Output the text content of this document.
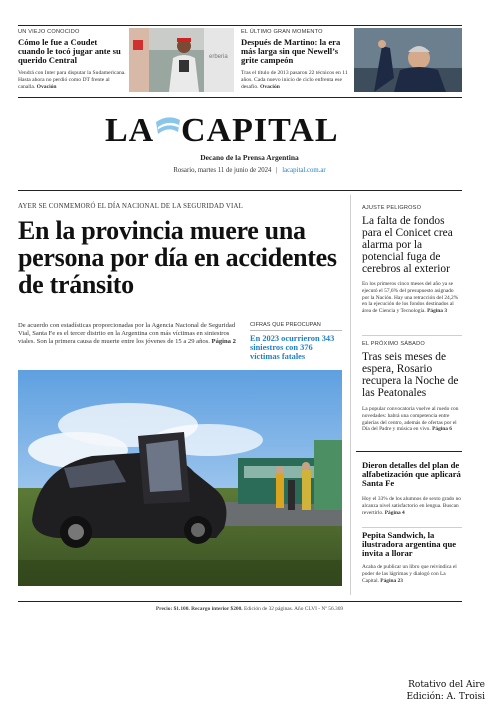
UN VIEJO CONOCIDO
Cómo le fue a Coudet cuando le tocó jugar ante su querido Central
Vendrá con Inter para disputar la Sudamericana. Hasta ahora no perdió como DT frente al canalla. Ovación
erberia
EL ÚLTIMO GRAN MOMENTO
Después de Martino: la era más larga sin que Newell’s grite campeón
Tras el título de 2013 pasaron 22 técnicos en 11 años. Cada nuevo inicio de ciclo enfrenta ese desafío. Ovación
LA CAPITAL
Decano de la Prensa Argentina
Rosario, martes 11 de junio de 2024 | lacapital.com.ar
AYER SE CONMEMORÓ EL DÍA NACIONAL DE LA SEGURIDAD VIAL
En la provincia muere una persona por día en accidentes de tránsito
De acuerdo con estadísticas proporcionadas por la Agencia Nacional de Seguridad Vial, Santa Fe es el tercer distrito en la Argentina con más víctimas en siniestros viales. Son la primera causa de muerte entre los jóvenes de 15 a 29 años. Página 2
CIFRAS QUE PREOCUPAN
En 2023 ocurrieron 343 siniestros con 376 víctimas fatales
AJUSTE PELIGROSO
La falta de fondos para el Conicet crea alarma por la potencial fuga de cerebros al exterior
En los primeros cinco meses del año ya se ejecutó el 57,6% del presupuesto asignado por la Nación. Hay una retracción del 24,2% en la ejecución de los fondos destinados al área de Ciencia y Tecnología. Página 3
EL PRÓXIMO SÁBADO
Tras seis meses de espera, Rosario recupera la Noche de las Peatonales
La popular convocatoria vuelve al ruedo con novedades: habrá una competencia entre galerías del centro, además de ofertas por el Día del Padre y música en vivo. Página 6
Dieron detalles del plan de alfabetización que aplicará Santa Fe
Hoy el 33% de los alumnos de sexto grado no alcanza nivel satisfactorio en lengua. Buscan revertirlo. Página 4
Pepita Sandwich, la ilustradora argentina que invita a llorar
Acaba de publicar un libro que reivindica el poder de las lágrimas y dialogó con La Capital. Página 23
Precio: $1.100. Recargo interior $200. Edición de 32 páginas. Año CLVI - Nº 56.369
Rotativo del Aire
Edición: A. Troisi
